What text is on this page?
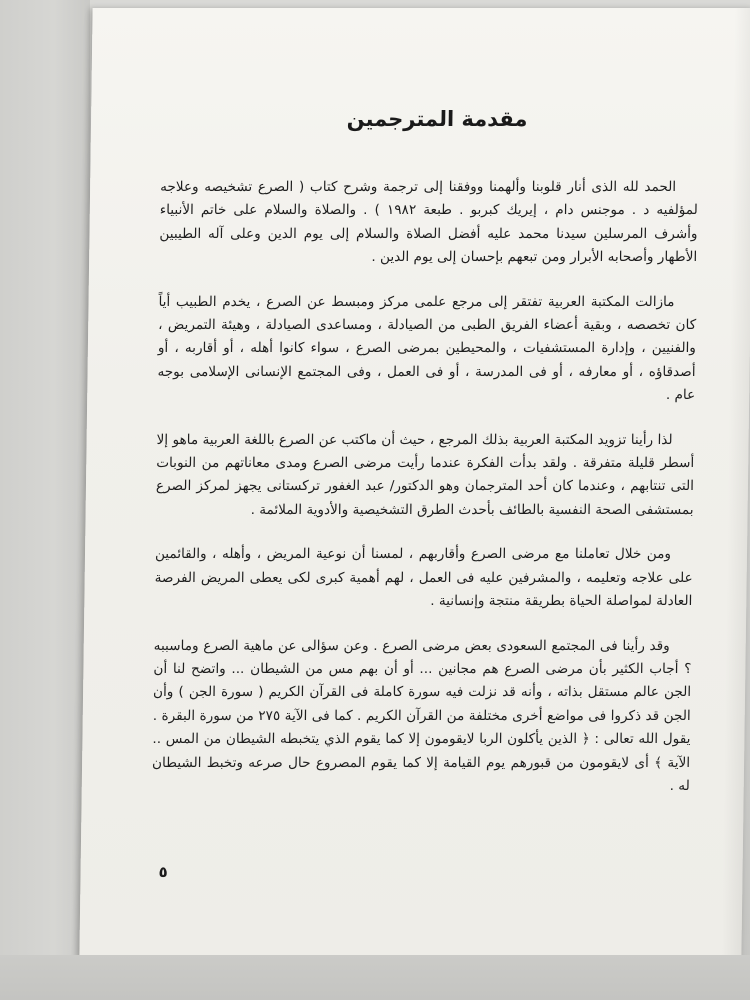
مقدمة المترجمين

الحمد لله الذى أنار قلوبنا وألهمنا ووفقنا إلى ترجمة وشرح كتاب ( الصرع تشخيصه وعلاجه لمؤلفيه د . موجنس دام ، إيريك كبربو . طبعة ١٩٨٢ ) . والصلاة والسلام على خاتم الأنبياء وأشرف المرسلين سيدنا محمد عليه أفضل الصلاة والسلام إلى يوم الدين وعلى آله الطيبين الأطهار وأصحابه الأبرار ومن تبعهم بإحسان إلى يوم الدين .

مازالت المكتبة العربية تفتقر إلى مرجع علمى مركز ومبسط عن الصرع ، يخدم الطبيب أياً كان تخصصه ، وبقية أعضاء الفريق الطبى من الصيادلة ، ومساعدى الصيادلة ، وهيئة التمريض ، والفنيين ، وإدارة المستشفيات ، والمحيطين بمرضى الصرع ، سواء كانوا أهله ، أو أقاربه ، أو أصدقاؤه ، أو معارفه ، أو فى المدرسة ، أو فى العمل ، وفى المجتمع الإنسانى الإسلامى بوجه عام .

لذا رأينا تزويد المكتبة العربية بذلك المرجع ، حيث أن ماكتب عن الصرع باللغة العربية ماهو إلا أسطر قليلة متفرقة . ولقد بدأت الفكرة عندما رأيت مرضى الصرع ومدى معاناتهم من النوبات التى تنتابهم ، وعندما كان أحد المترجمان وهو الدكتور/ عبد الغفور تركستانى يجهز لمركز الصرع بمستشفى الصحة النفسية بالطائف بأحدث الطرق التشخيصية والأدوية الملائمة .

ومن خلال تعاملنا مع مرضى الصرع وأقاربهم ، لمسنا أن نوعية المريض ، وأهله ، والقائمين على علاجه وتعليمه ، والمشرفين عليه فى العمل ، لهم أهمية كبرى لكى يعطى المريض الفرصة العادلة لمواصلة الحياة بطريقة منتجة وإنسانية .

وقد رأينا فى المجتمع السعودى بعض مرضى الصرع . وعن سؤالى عن ماهية الصرع وماسببه ؟ أجاب الكثير بأن مرضى الصرع هم مجانين ... أو أن بهم مس من الشيطان ... واتضح لنا أن الجن عالم مستقل بذاته ، وأنه قد نزلت فيه سورة كاملة فى القرآن الكريم ( سورة الجن ) وأن الجن قد ذكروا فى مواضع أخرى مختلفة من القرآن الكريم . كما فى الآية ٢٧٥ من سورة البقرة . يقول الله تعالى : ﴿ الذين يأكلون الربا لايقومون إلا كما يقوم الذي يتخبطه الشيطان من المس .. الآية ﴾ أى لايقومون من قبورهم يوم القيامة إلا كما يقوم المصروع حال صرعه وتخبط الشيطان له .

٥
